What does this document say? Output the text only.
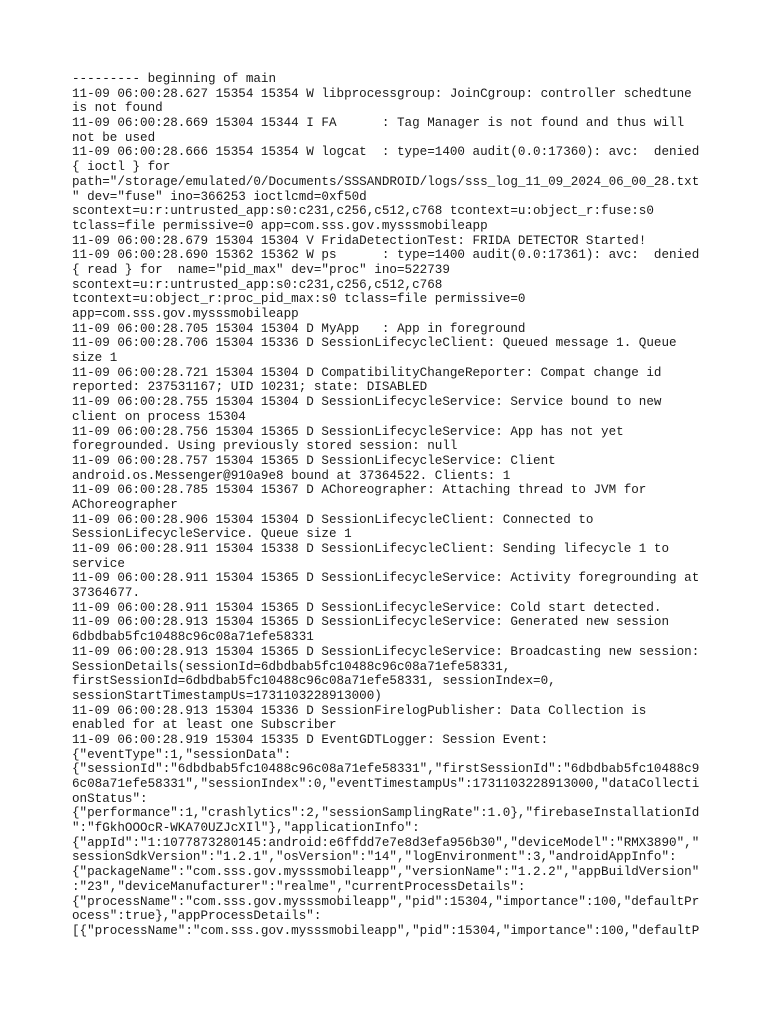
--------- beginning of main
11-09 06:00:28.627 15354 15354 W libprocessgroup: JoinCgroup: controller schedtune
is not found
11-09 06:00:28.669 15304 15344 I FA      : Tag Manager is not found and thus will
not be used
11-09 06:00:28.666 15354 15354 W logcat  : type=1400 audit(0.0:17360): avc:  denied
{ ioctl } for
path="/storage/emulated/0/Documents/SSSANDROID/logs/sss_log_11_09_2024_06_00_28.txt
" dev="fuse" ino=366253 ioctlcmd=0xf50d
scontext=u:r:untrusted_app:s0:c231,c256,c512,c768 tcontext=u:object_r:fuse:s0
tclass=file permissive=0 app=com.sss.gov.mysssmobileapp
11-09 06:00:28.679 15304 15304 V FridaDetectionTest: FRIDA DETECTOR Started!
11-09 06:00:28.690 15362 15362 W ps      : type=1400 audit(0.0:17361): avc:  denied
{ read } for  name="pid_max" dev="proc" ino=522739
scontext=u:r:untrusted_app:s0:c231,c256,c512,c768
tcontext=u:object_r:proc_pid_max:s0 tclass=file permissive=0
app=com.sss.gov.mysssmobileapp
11-09 06:00:28.705 15304 15304 D MyApp   : App in foreground
11-09 06:00:28.706 15304 15336 D SessionLifecycleClient: Queued message 1. Queue
size 1
11-09 06:00:28.721 15304 15304 D CompatibilityChangeReporter: Compat change id
reported: 237531167; UID 10231; state: DISABLED
11-09 06:00:28.755 15304 15304 D SessionLifecycleService: Service bound to new
client on process 15304
11-09 06:00:28.756 15304 15365 D SessionLifecycleService: App has not yet
foregrounded. Using previously stored session: null
11-09 06:00:28.757 15304 15365 D SessionLifecycleService: Client
android.os.Messenger@910a9e8 bound at 37364522. Clients: 1
11-09 06:00:28.785 15304 15367 D AChoreographer: Attaching thread to JVM for
AChoreographer
11-09 06:00:28.906 15304 15304 D SessionLifecycleClient: Connected to
SessionLifecycleService. Queue size 1
11-09 06:00:28.911 15304 15338 D SessionLifecycleClient: Sending lifecycle 1 to
service
11-09 06:00:28.911 15304 15365 D SessionLifecycleService: Activity foregrounding at
37364677.
11-09 06:00:28.911 15304 15365 D SessionLifecycleService: Cold start detected.
11-09 06:00:28.913 15304 15365 D SessionLifecycleService: Generated new session
6dbdbab5fc10488c96c08a71efe58331
11-09 06:00:28.913 15304 15365 D SessionLifecycleService: Broadcasting new session:
SessionDetails(sessionId=6dbdbab5fc10488c96c08a71efe58331,
firstSessionId=6dbdbab5fc10488c96c08a71efe58331, sessionIndex=0,
sessionStartTimestampUs=1731103228913000)
11-09 06:00:28.913 15304 15336 D SessionFirelogPublisher: Data Collection is
enabled for at least one Subscriber
11-09 06:00:28.919 15304 15335 D EventGDTLogger: Session Event:
{"eventType":1,"sessionData":
{"sessionId":"6dbdbab5fc10488c96c08a71efe58331","firstSessionId":"6dbdbab5fc10488c9
6c08a71efe58331","sessionIndex":0,"eventTimestampUs":1731103228913000,"dataCollecti
onStatus":
{"performance":1,"crashlytics":2,"sessionSamplingRate":1.0},"firebaseInstallationId
":"fGkhOOOcR-WKA70UZJcXIl"},"applicationInfo":
{"appId":"1:1077873280145:android:e6ffdd7e7e8d3efa956b30","deviceModel":"RMX3890","
sessionSdkVersion":"1.2.1","osVersion":"14","logEnvironment":3,"androidAppInfo":
{"packageName":"com.sss.gov.mysssmobileapp","versionName":"1.2.2","appBuildVersion"
:"23","deviceManufacturer":"realme","currentProcessDetails":
{"processName":"com.sss.gov.mysssmobileapp","pid":15304,"importance":100,"defaultPr
ocess":true},"appProcessDetails":
[{"processName":"com.sss.gov.mysssmobileapp","pid":15304,"importance":100,"defaultP
